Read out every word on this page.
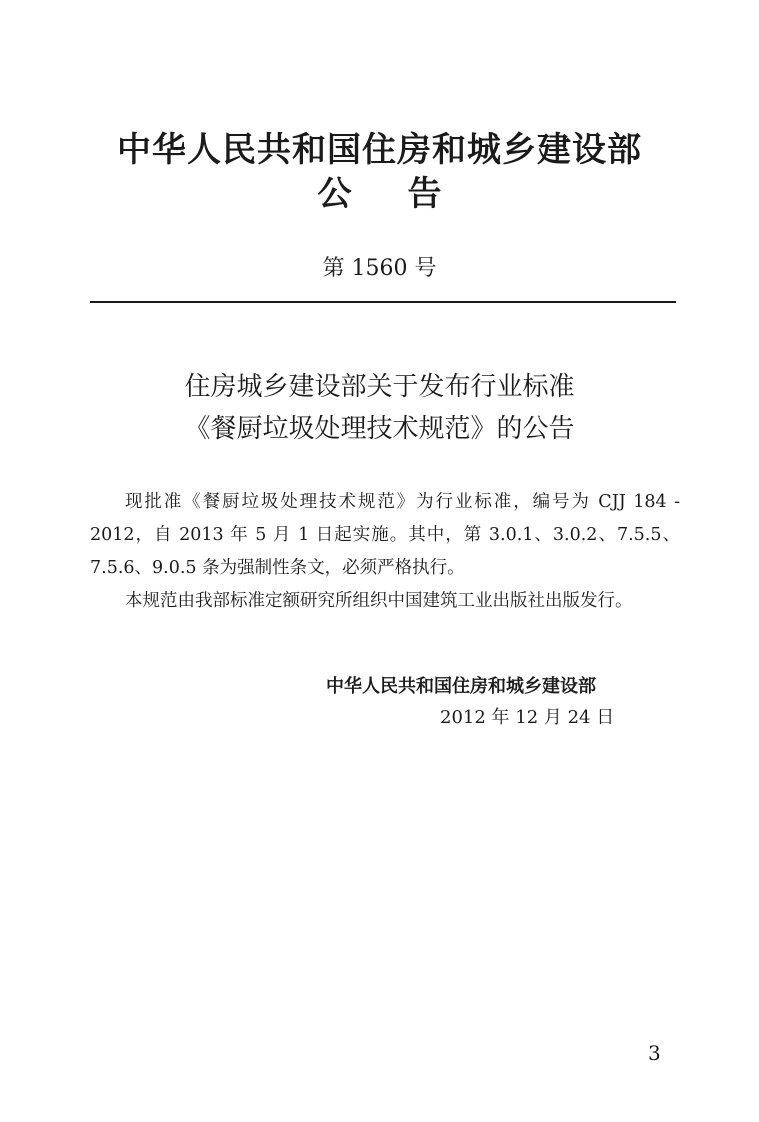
中华人民共和国住房和城乡建设部
公告
第 1560 号
住房城乡建设部关于发布行业标准
《餐厨垃圾处理技术规范》的公告

现批准《餐厨垃圾处理技术规范》为行业标准，编号为 CJJ 184 - 2012，自 2013 年 5 月 1 日起实施。其中，第 3.0.1、3.0.2、7.5.5、7.5.6、9.0.5 条为强制性条文，必须严格执行。

本规范由我部标准定额研究所组织中国建筑工业出版社出版发行。

中华人民共和国住房和城乡建设部
2012 年 12 月 24 日
3
